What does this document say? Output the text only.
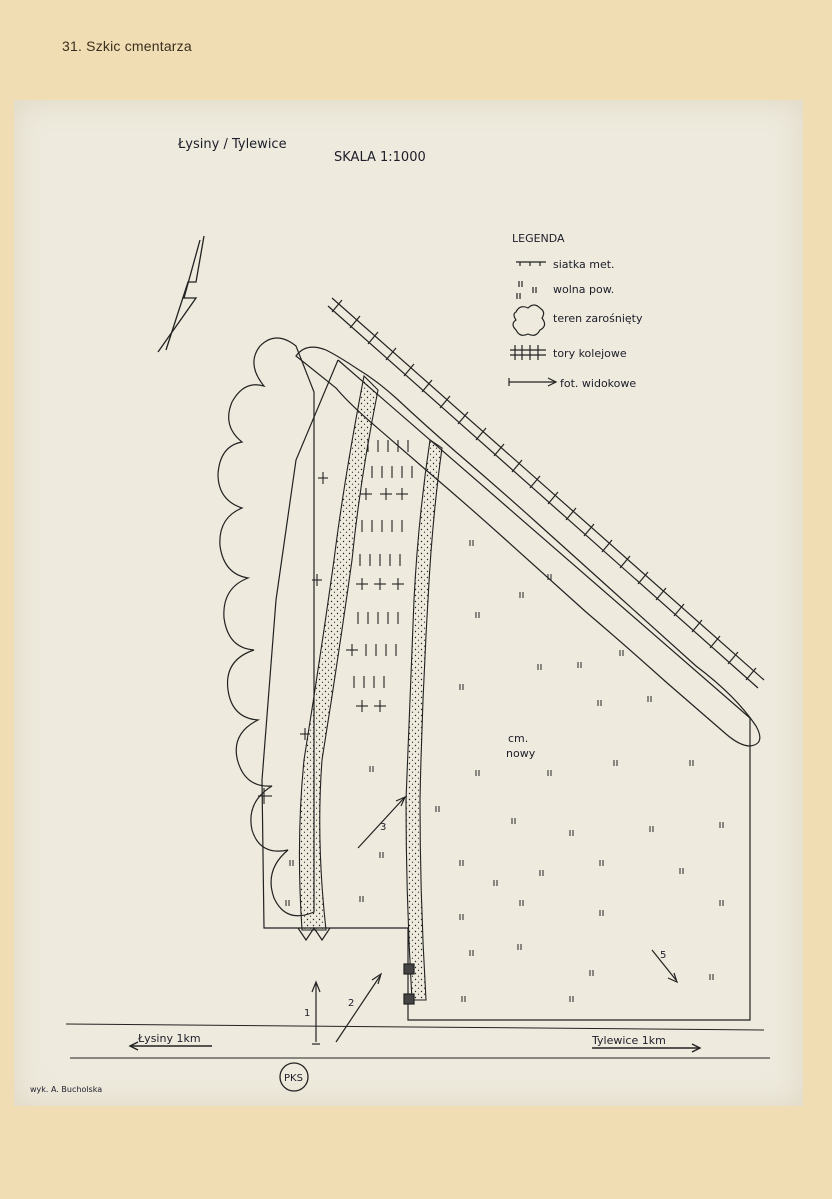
31. Szkic cmentarza
Łysiny / Tylewice
SKALA 1:1000
LEGENDA
siatka met.
wolna pow.
teren zarośnięty
tory kolejowe
fot. widokowe
cm.
nowy
1
2
3
5
Łysiny 1km	Tylewice 1km
PKS
wyk. A. Bucholska
